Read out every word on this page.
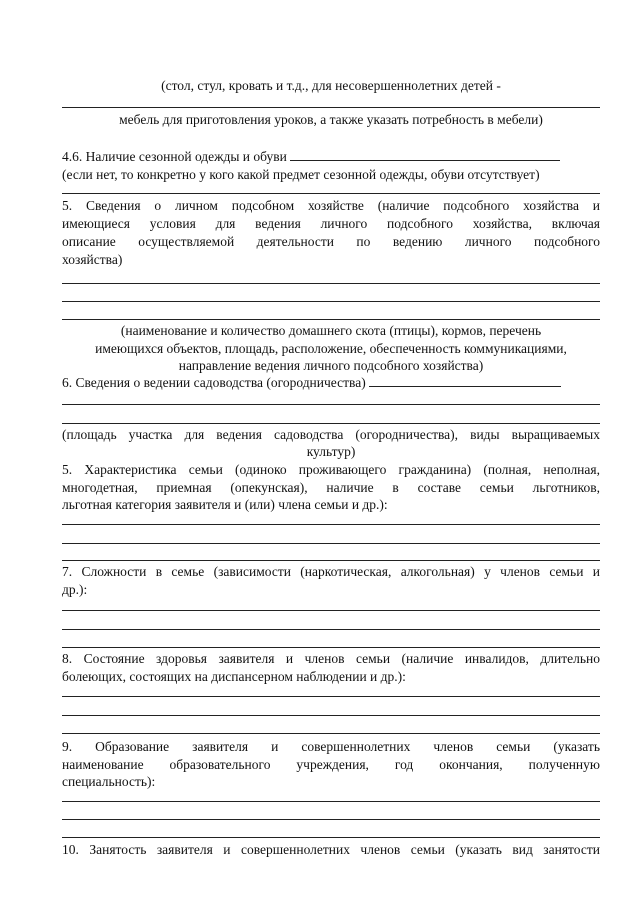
(стол, стул, кровать и т.д., для несовершеннолетних детей -
мебель для приготовления уроков, а также указать потребность в мебели)
4.6. Наличие сезонной одежды и обуви
(если нет, то конкретно у кого какой предмет сезонной одежды, обуви отсутствует)
5. Сведения о личном подсобном хозяйстве (наличие подсобного хозяйства и
имеющиеся условия для ведения личного подсобного хозяйства, включая
описание осуществляемой деятельности по ведению личного подсобного
хозяйства)
(наименование и количество домашнего скота (птицы), кормов, перечень
имеющихся объектов, площадь, расположение, обеспеченность коммуникациями,
направление ведения личного подсобного хозяйства)
6. Сведения о ведении садоводства (огородничества)
(площадь участка для ведения садоводства (огородничества), виды выращиваемых
культур)
5. Характеристика семьи (одиноко проживающего гражданина) (полная, неполная,
многодетная, приемная (опекунская), наличие в составе семьи льготников,
льготная категория заявителя и (или) члена семьи и др.):
7. Сложности в семье (зависимости (наркотическая, алкогольная) у членов семьи и
др.):
8. Состояние здоровья заявителя и членов семьи (наличие инвалидов, длительно
болеющих, состоящих на диспансерном наблюдении и др.):
9. Образование заявителя и совершеннолетних членов семьи (указать
наименование образовательного учреждения, год окончания, полученную
специальность):
10. Занятость заявителя и совершеннолетних членов семьи (указать вид занятости
